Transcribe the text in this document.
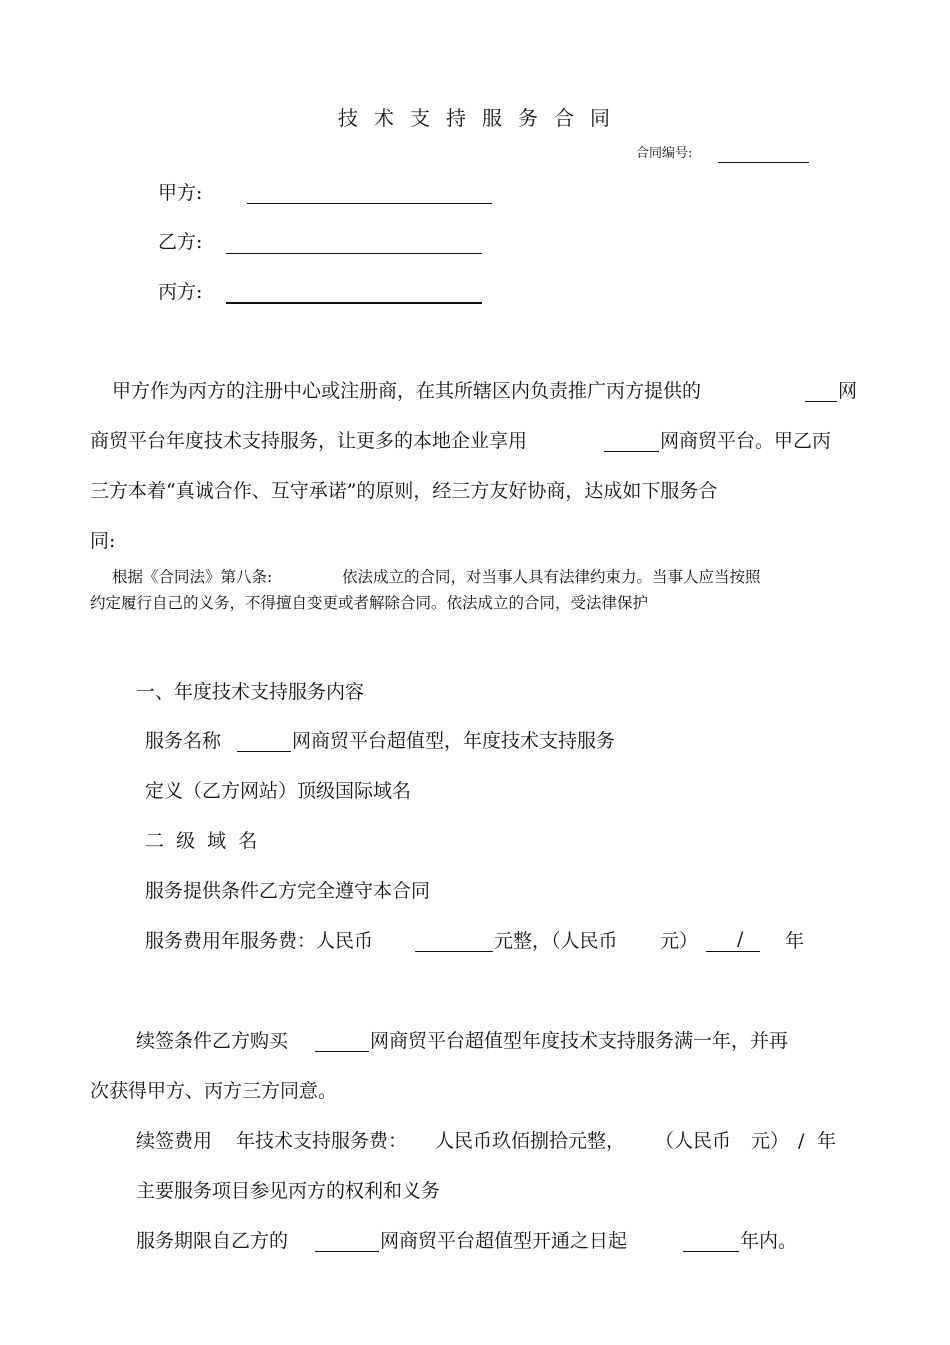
技术支持服务合同
合同编号:
甲方:
乙方:
丙方:
甲方作为丙方的注册中心或注册商，在其所辖区内负责推广丙方提供的	网
商贸平台年度技术支持服务，让更多的本地企业享用	网商贸平台。甲乙丙
三方本着“真诚合作、互守承诺”的原则，经三方友好协商，达成如下服务合
同:
根据《合同法》第八条:	依法成立的合同，对当事人具有法律约束力。当事人应当按照
约定履行自己的义务，不得擅自变更或者解除合同。依法成立的合同，受法律保护
一、年度技术支持服务内容
服务名称	网商贸平台超值型，年度技术支持服务
定义（乙方网站）顶级国际域名
二  级  域  名
服务提供条件乙方完全遵守本合同
服务费用年服务费：人民币	元整，（人民币 元） / 年
续签条件乙方购买	网商贸平台超值型年度技术支持服务满一年，并再
次获得甲方、丙方三方同意。
续签费用 年技术支持服务费： 人民币玖佰捌拾元整， （人民币 元） / 年
主要服务项目参见丙方的权利和义务
服务期限自乙方的	网商贸平台超值型开通之日起	年内。
